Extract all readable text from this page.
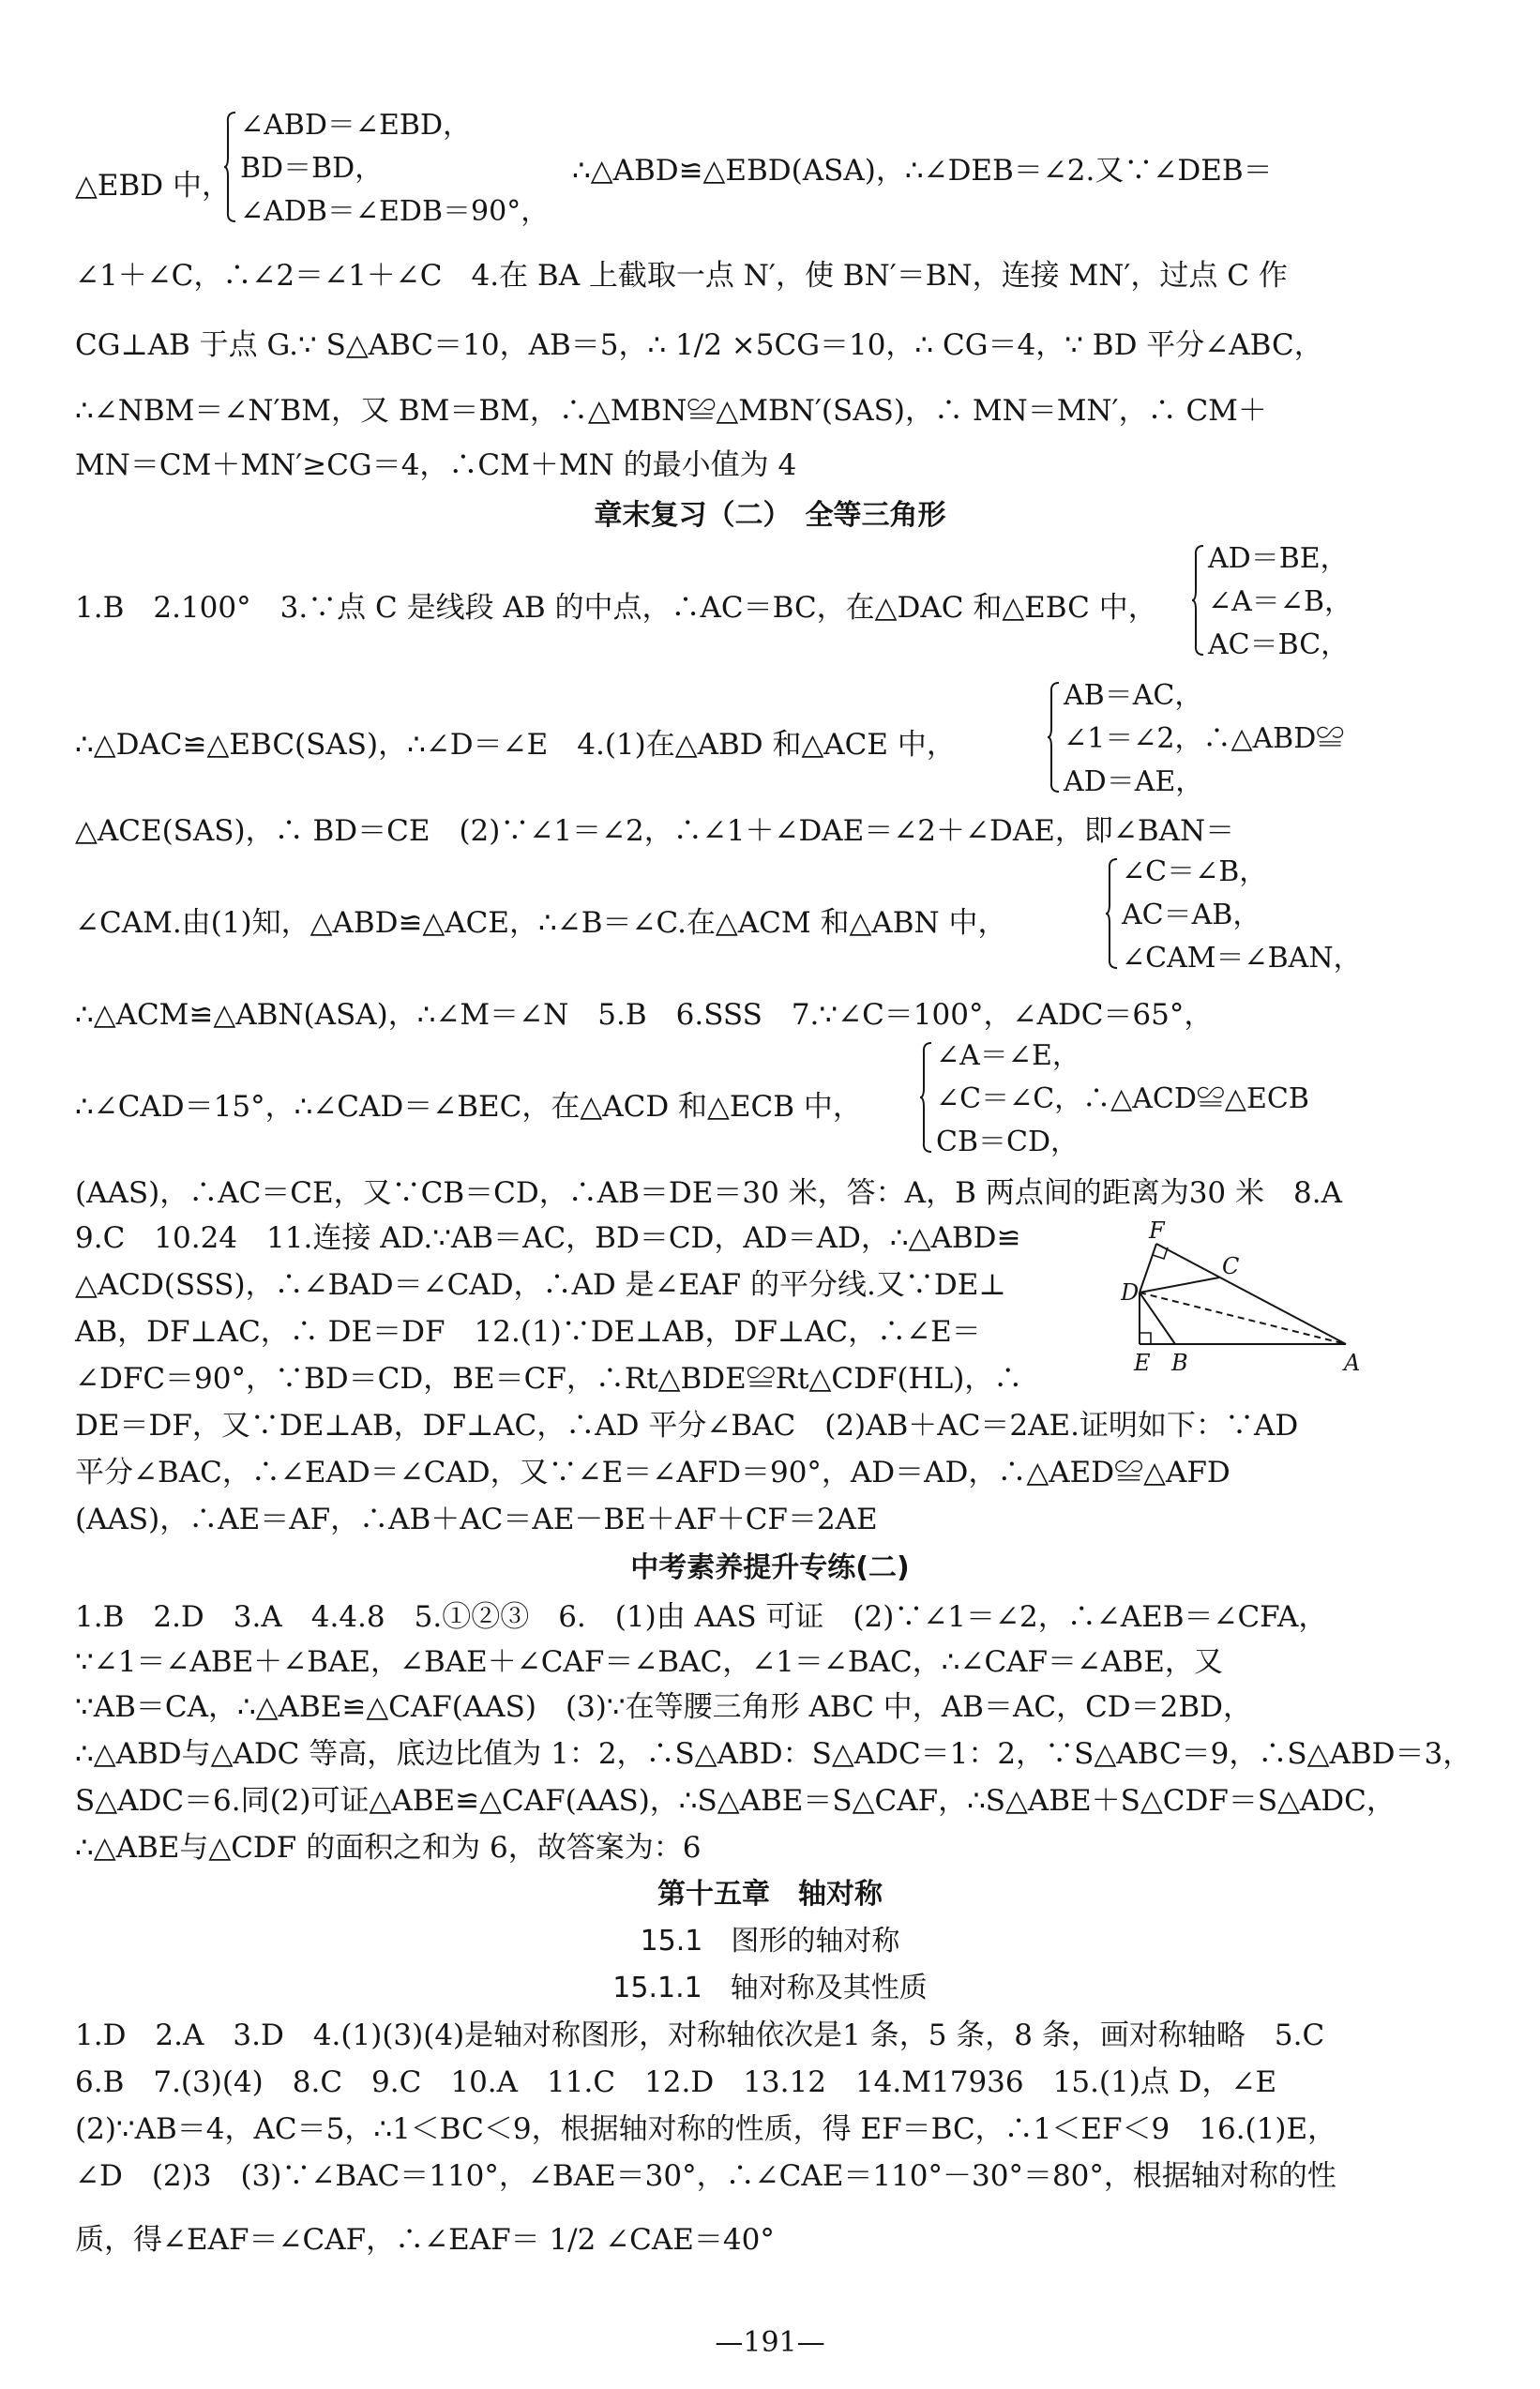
△EBD 中，
∠ABD＝∠EBD，
BD＝BD，
∠ADB＝∠EDB＝90°，
∴△ABD≌△EBD(ASA)，∴∠DEB＝∠2.又∵∠DEB＝
∠1＋∠C，∴∠2＝∠1＋∠C　4.在 BA 上截取一点 N′，使 BN′＝BN，连接 MN′，过点 C 作
CG⊥AB 于点 G.∵ S△ABC＝10，AB＝5，∴ 1/2 ×5CG＝10，∴ CG＝4，∵ BD 平分∠ABC，
∴∠NBM＝∠N′BM，又 BM＝BM，∴△MBN≌△MBN′(SAS)，∴ MN＝MN′，∴ CM＋
MN＝CM＋MN′≥CG＝4，∴CM＋MN 的最小值为 4
章末复习（二）　全等三角形
1.B　2.100°　3.∵点 C 是线段 AB 的中点，∴AC＝BC，在△DAC 和△EBC 中，
AD＝BE，
∠A＝∠B，
AC＝BC，
∴△DAC≌△EBC(SAS)，∴∠D＝∠E　4.(1)在△ABD 和△ACE 中，
AB＝AC，
∠1＝∠2，∴△ABD≌
AD＝AE，
△ACE(SAS)，∴ BD＝CE　(2)∵∠1＝∠2，∴∠1＋∠DAE＝∠2＋∠DAE，即∠BAN＝
∠CAM.由(1)知，△ABD≌△ACE，∴∠B＝∠C.在△ACM 和△ABN 中，
∠C＝∠B，
AC＝AB，
∠CAM＝∠BAN，
∴△ACM≌△ABN(ASA)，∴∠M＝∠N　5.B　6.SSS　7.∵∠C＝100°，∠ADC＝65°，
∴∠CAD＝15°，∴∠CAD＝∠BEC，在△ACD 和△ECB 中，
∠A＝∠E，
∠C＝∠C，∴△ACD≌△ECB
CB＝CD，
(AAS)，∴AC＝CE，又∵CB＝CD，∴AB＝DE＝30 米，答：A，B 两点间的距离为30 米　8.A
9.C　10.24　11.连接 AD.∵AB＝AC，BD＝CD，AD＝AD，∴△ABD≌
△ACD(SSS)，∴∠BAD＝∠CAD，∴AD 是∠EAF 的平分线.又∵DE⊥
AB，DF⊥AC，∴ DE＝DF　12.(1)∵DE⊥AB，DF⊥AC，∴∠E＝
∠DFC＝90°，∵BD＝CD，BE＝CF，∴Rt△BDE≌Rt△CDF(HL)，∴
DE＝DF，又∵DE⊥AB，DF⊥AC，∴AD 平分∠BAC　(2)AB＋AC＝2AE.证明如下：∵AD
平分∠BAC，∴∠EAD＝∠CAD，又∵∠E＝∠AFD＝90°，AD＝AD，∴△AED≌△AFD
(AAS)，∴AE＝AF，∴AB＋AC＝AE－BE＋AF＋CF＝2AE
F
C
D
E B	A
中考素养提升专练(二)
1.B　2.D　3.A　4.4.8　5.①②③　6.　(1)由 AAS 可证　(2)∵∠1＝∠2，∴∠AEB＝∠CFA，
∵∠1＝∠ABE＋∠BAE，∠BAE＋∠CAF＝∠BAC，∠1＝∠BAC，∴∠CAF＝∠ABE，又
∵AB＝CA，∴△ABE≌△CAF(AAS)　(3)∵在等腰三角形 ABC 中，AB＝AC，CD＝2BD，
∴△ABD与△ADC 等高，底边比值为 1：2，∴S△ABD：S△ADC＝1：2，∵S△ABC＝9，∴S△ABD＝3，
S△ADC＝6.同(2)可证△ABE≌△CAF(AAS)，∴S△ABE＝S△CAF，∴S△ABE＋S△CDF＝S△ADC，
∴△ABE与△CDF 的面积之和为 6，故答案为：6
第十五章　轴对称
15.1　图形的轴对称
15.1.1　轴对称及其性质
1.D　2.A　3.D　4.(1)(3)(4)是轴对称图形，对称轴依次是1 条，5 条，8 条，画对称轴略　5.C
6.B　7.(3)(4)　8.C　9.C　10.A　11.C　12.D　13.12　14.M17936　15.(1)点 D，∠E
(2)∵AB＝4，AC＝5，∴1＜BC＜9，根据轴对称的性质，得 EF＝BC，∴1＜EF＜9　16.(1)E，
∠D　(2)3　(3)∵∠BAC＝110°，∠BAE＝30°，∴∠CAE＝110°－30°＝80°，根据轴对称的性
质，得∠EAF＝∠CAF，∴∠EAF＝ 1/2 ∠CAE＝40°
—191—
